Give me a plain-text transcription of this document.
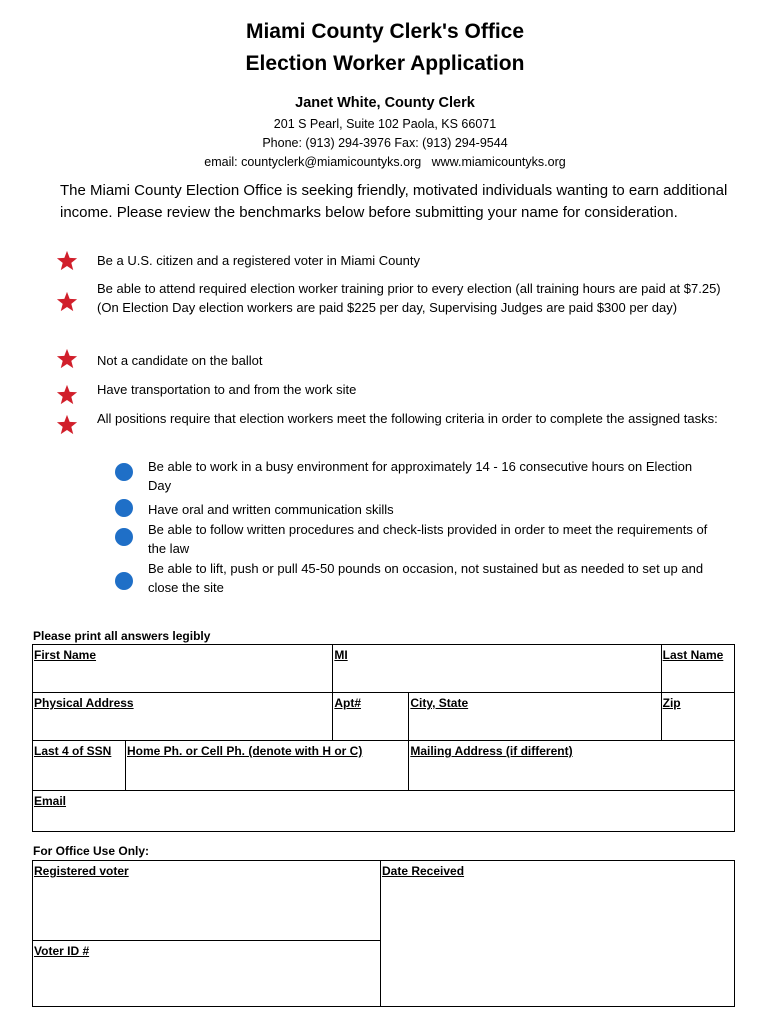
Miami County Clerk's Office
Election Worker Application
Janet White, County Clerk
201 S Pearl, Suite 102 Paola, KS 66071
Phone: (913) 294-3976 Fax: (913) 294-9544
email: countyclerk@miamicountyks.org   www.miamicountyks.org
The Miami County Election Office is seeking friendly, motivated individuals wanting to earn additional income. Please review the benchmarks below before submitting your name for consideration.
Be a U.S. citizen and a registered voter in Miami County
Be able to attend required election worker training prior to every election (all training hours are paid at $7.25) (On Election Day election workers are paid $225 per day, Supervising Judges are paid $300 per day)
Not a candidate on the ballot
Have transportation to and from the work site
All positions require that election workers meet the following criteria in order to complete the assigned tasks:
Be able to work in a busy environment for approximately 14 - 16 consecutive hours on Election Day
Have oral and written communication skills
Be able to follow written procedures and check-lists provided in order to meet the requirements of the law
Be able to lift, push or pull 45-50 pounds on occasion, not sustained but as needed to set up and close the site
Please print all answers legibly
First Name		MI		Last Name

Physical Address		Apt#	City, State	Zip

Last 4 of SSN	Home Ph. or Cell Ph. (denote with H or C)		Mailing Address (if different)	

Email				
For Office Use Only:
Registered voter	Date Received

Voter ID #
